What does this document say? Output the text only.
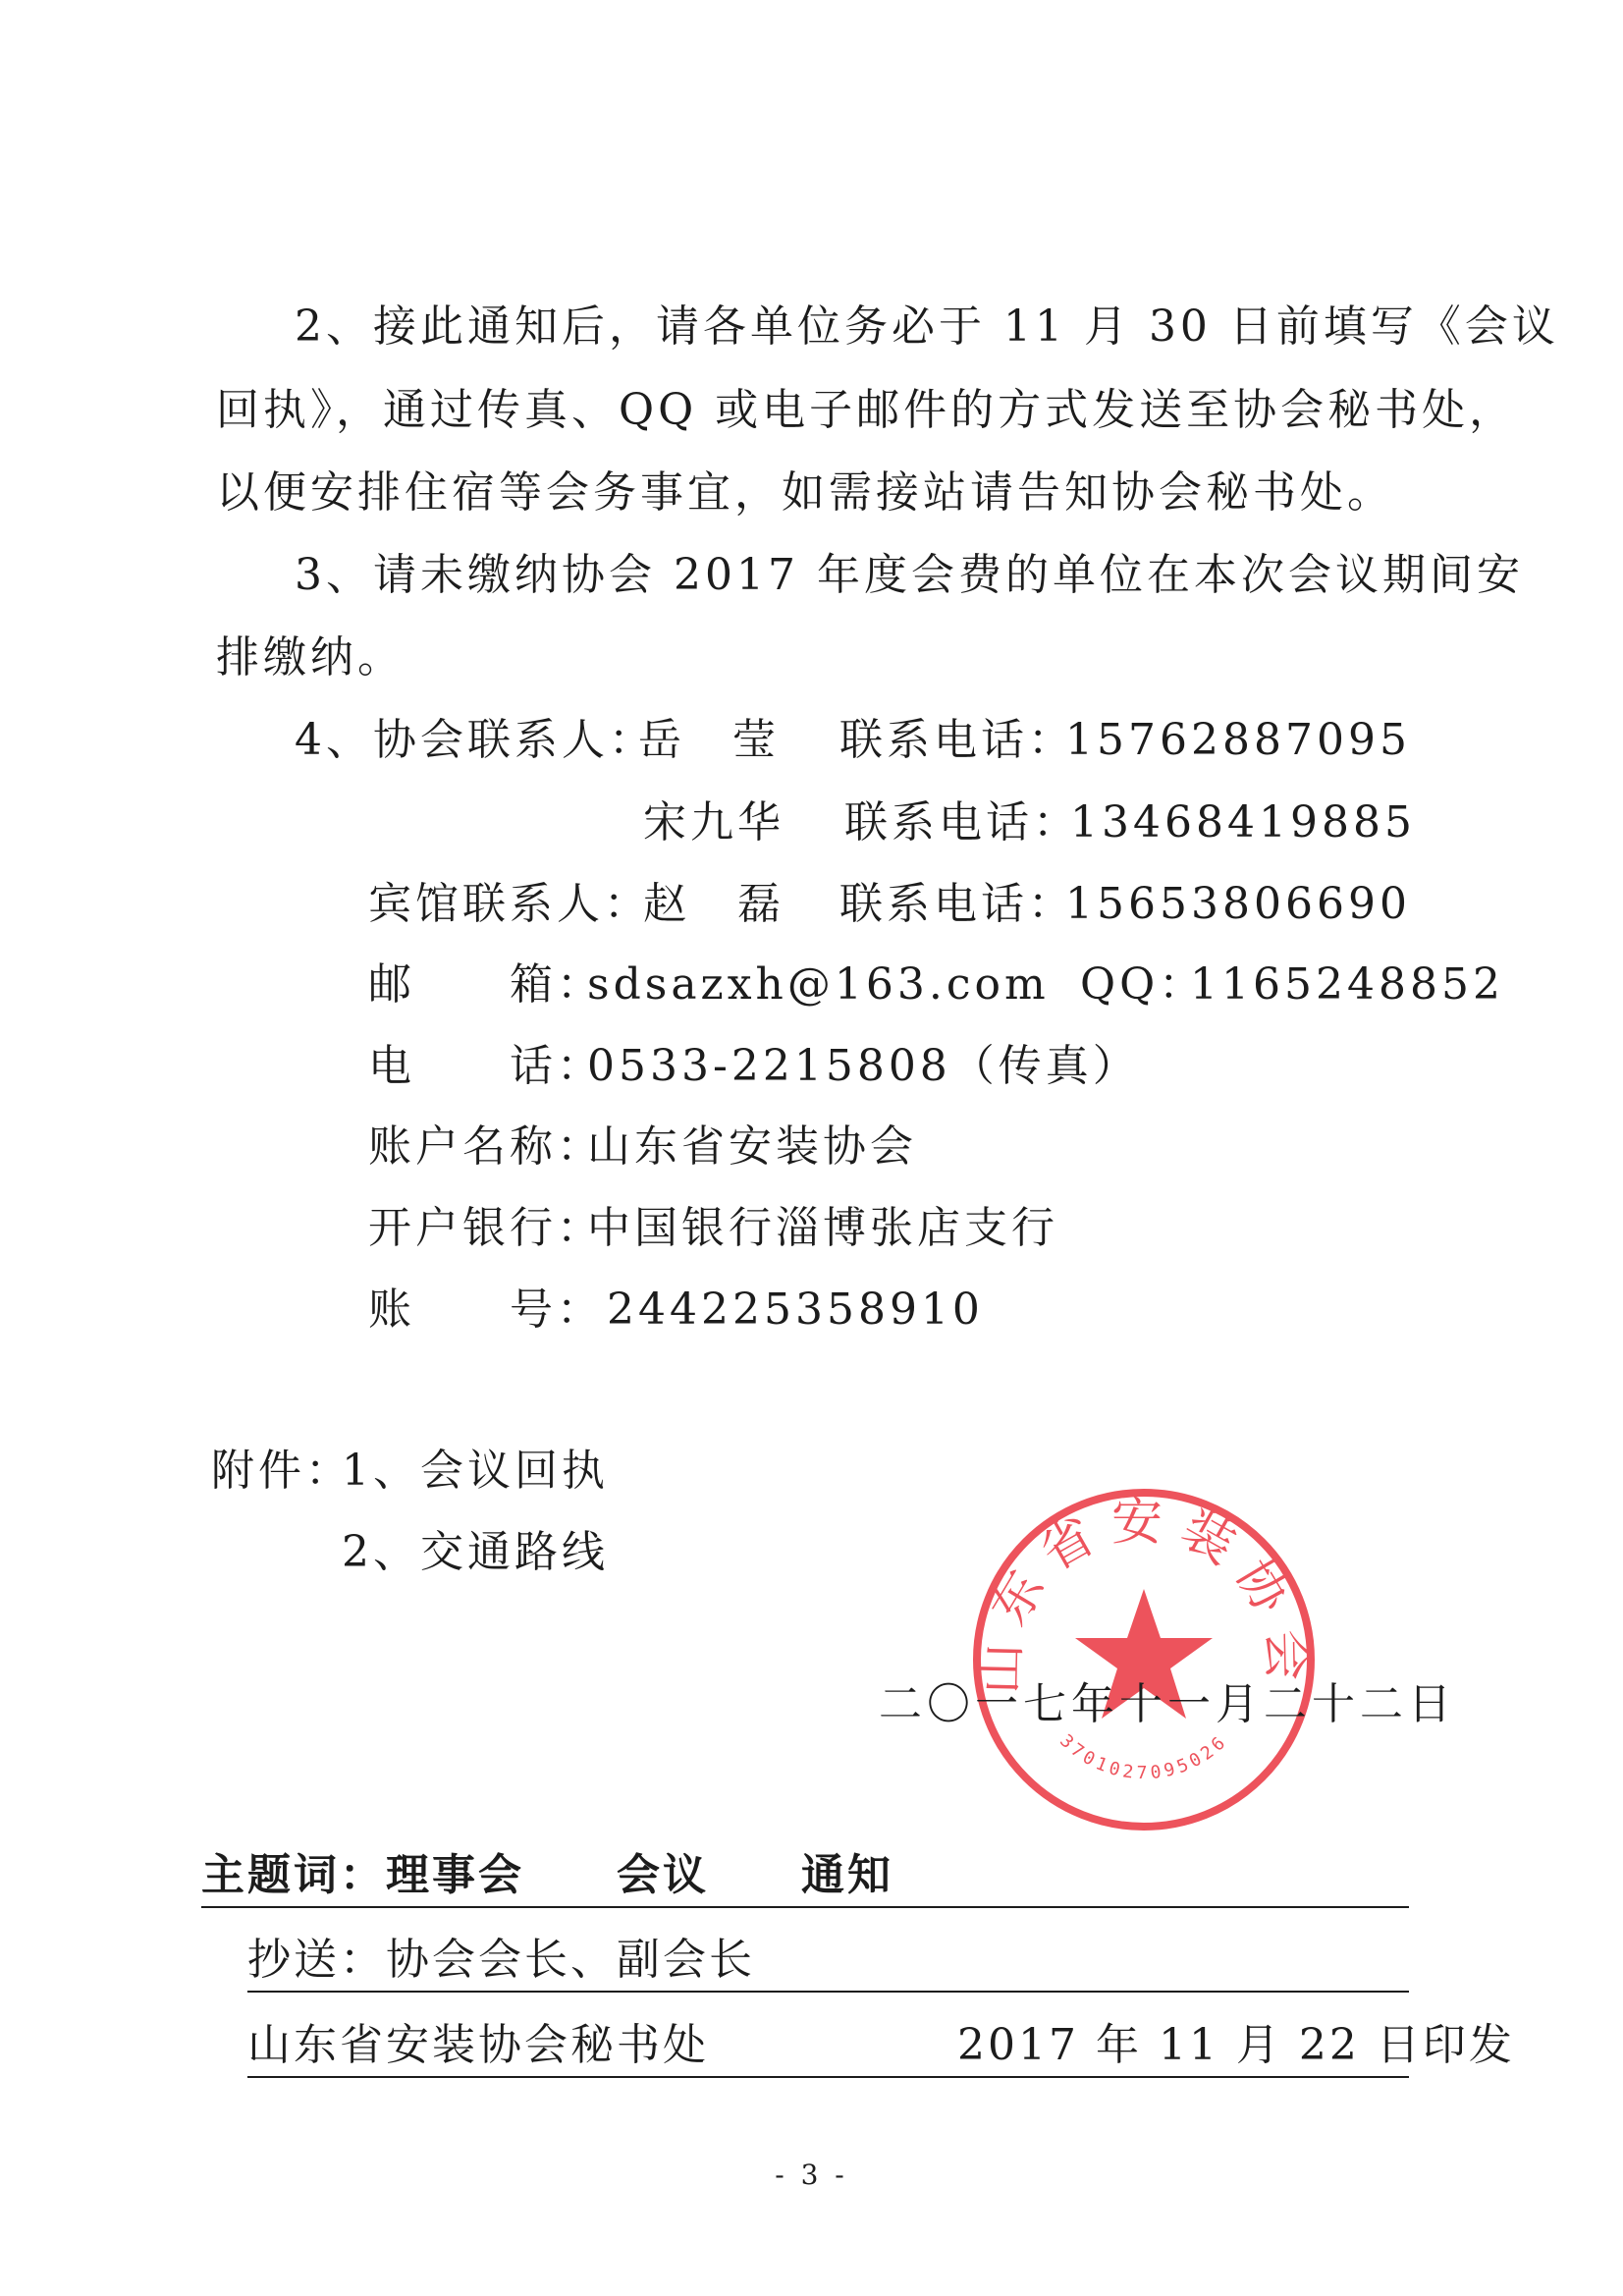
2、接此通知后，请各单位务必于 11 月 30 日前填写《会议
回执》，通过传真、QQ 或电子邮件的方式发送至协会秘书处，
以便安排住宿等会务事宜，如需接站请告知协会秘书处。
3、请未缴纳协会 2017 年度会费的单位在本次会议期间安
排缴纳。
4、协会联系人：
岳　莹 联系电话：
15762887095
宋九华 联系电话：
13468419885
宾馆联系人：
赵　磊 联系电话：
15653806690
邮　　箱：
sdsazxh@163.com QQ：
1165248852
电　　话：
0533-2215808（传真）
账户名称：
山东省安装协会
开户银行：
中国银行淄博张店支行
账　　号： 244225358910
附件：
1、会议回执
2、交通路线
山东省安装协会
3701027095026
二〇一七年十一月二十二日
主题词：理事会　　会议　　通知
抄送：协会会长、副会长
山东省安装协会秘书处	2017 年 11 月 22 日印发
- 3 -
